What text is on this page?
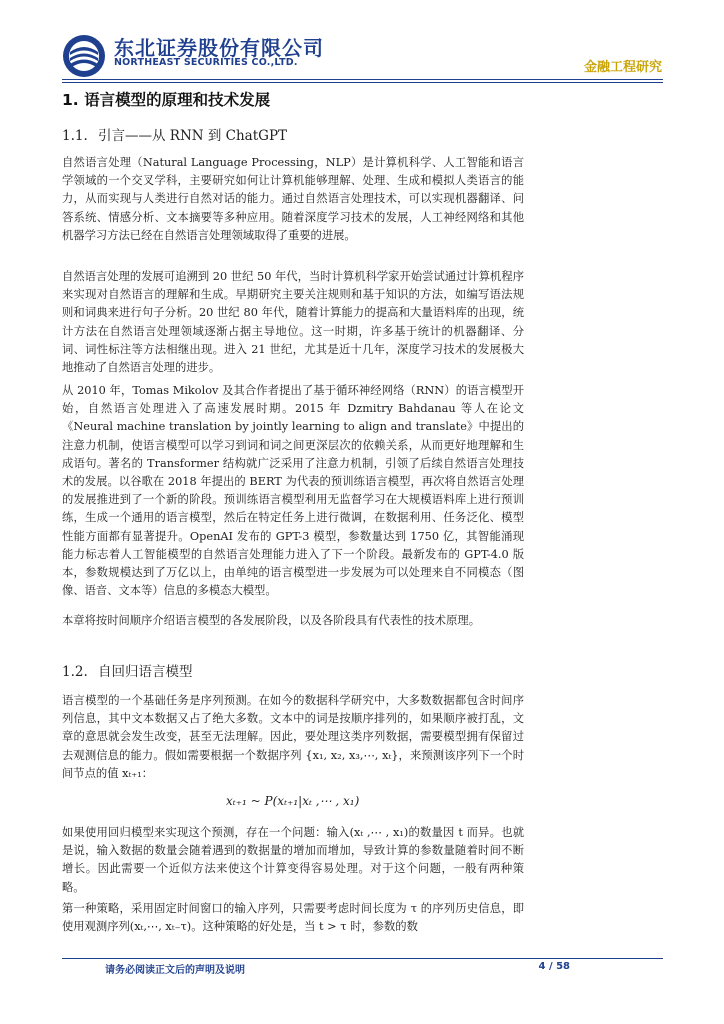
东北证券股份有限公司
NORTHEAST SECURITIES CO.,LTD.	金融工程研究
1. 语言模型的原理和技术发展
1.1. 引言——从 RNN 到 ChatGPT

自然语言处理（Natural Language Processing，NLP）是计算机科学、人工智能和语言学领域的一个交叉学科，主要研究如何让计算机能够理解、处理、生成和模拟人类语言的能力，从而实现与人类进行自然对话的能力。通过自然语言处理技术，可以实现机器翻译、问答系统、情感分析、文本摘要等多种应用。随着深度学习技术的发展，人工神经网络和其他机器学习方法已经在自然语言处理领域取得了重要的进展。

自然语言处理的发展可追溯到 20 世纪 50 年代，当时计算机科学家开始尝试通过计算机程序来实现对自然语言的理解和生成。早期研究主要关注规则和基于知识的方法，如编写语法规则和词典来进行句子分析。20 世纪 80 年代，随着计算能力的提高和大量语料库的出现，统计方法在自然语言处理领域逐渐占据主导地位。这一时期，许多基于统计的机器翻译、分词、词性标注等方法相继出现。进入 21 世纪，尤其是近十几年，深度学习技术的发展极大地推动了自然语言处理的进步。

从 2010 年，Tomas Mikolov 及其合作者提出了基于循环神经网络（RNN）的语言模型开始，自然语言处理进入了高速发展时期。2015 年 Dzmitry Bahdanau 等人在论文《Neural machine translation by jointly learning to align and translate》中提出的注意力机制，使语言模型可以学习到词和词之间更深层次的依赖关系，从而更好地理解和生成语句。著名的 Transformer 结构就广泛采用了注意力机制，引领了后续自然语言处理技术的发展。以谷歌在 2018 年提出的 BERT 为代表的预训练语言模型，再次将自然语言处理的发展推进到了一个新的阶段。预训练语言模型利用无监督学习在大规模语料库上进行预训练，生成一个通用的语言模型，然后在特定任务上进行微调，在数据利用、任务泛化、模型性能方面都有显著提升。OpenAI 发布的 GPT-3 模型，参数量达到 1750 亿，其智能涌现能力标志着人工智能模型的自然语言处理能力进入了下一个阶段。最新发布的 GPT-4.0 版本，参数规模达到了万亿以上，由单纯的语言模型进一步发展为可以处理来自不同模态（图像、语音、文本等）信息的多模态大模型。

本章将按时间顺序介绍语言模型的各发展阶段，以及各阶段具有代表性的技术原理。

1.2. 自回归语言模型

语言模型的一个基础任务是序列预测。在如今的数据科学研究中，大多数数据都包含时间序列信息，其中文本数据又占了绝大多数。文本中的词是按顺序排列的，如果顺序被打乱，文章的意思就会发生改变，甚至无法理解。因此，要处理这类序列数据，需要模型拥有保留过去观测信息的能力。假如需要根据一个数据序列 {x₁, x₂, x₃,⋯, xₜ}，来预测该序列下一个时间节点的值 xₜ₊₁：

xₜ₊₁ ~ P(xₜ₊₁|xₜ ,⋯ , x₁)

如果使用回归模型来实现这个预测，存在一个问题：输入(xₜ ,⋯ , x₁)的数量因 t 而异。也就是说，输入数据的数量会随着遇到的数据量的增加而增加，导致计算的参数量随着时间不断增长。因此需要一个近似方法来使这个计算变得容易处理。对于这个问题，一般有两种策略。

第一种策略，采用固定时间窗口的输入序列，只需要考虑时间长度为 τ 的序列历史信息，即使用观测序列(xₜ,⋯, xₜ₋τ)。这种策略的好处是，当 t > τ 时，参数的数

请务必阅读正文后的声明及说明	4 / 58
